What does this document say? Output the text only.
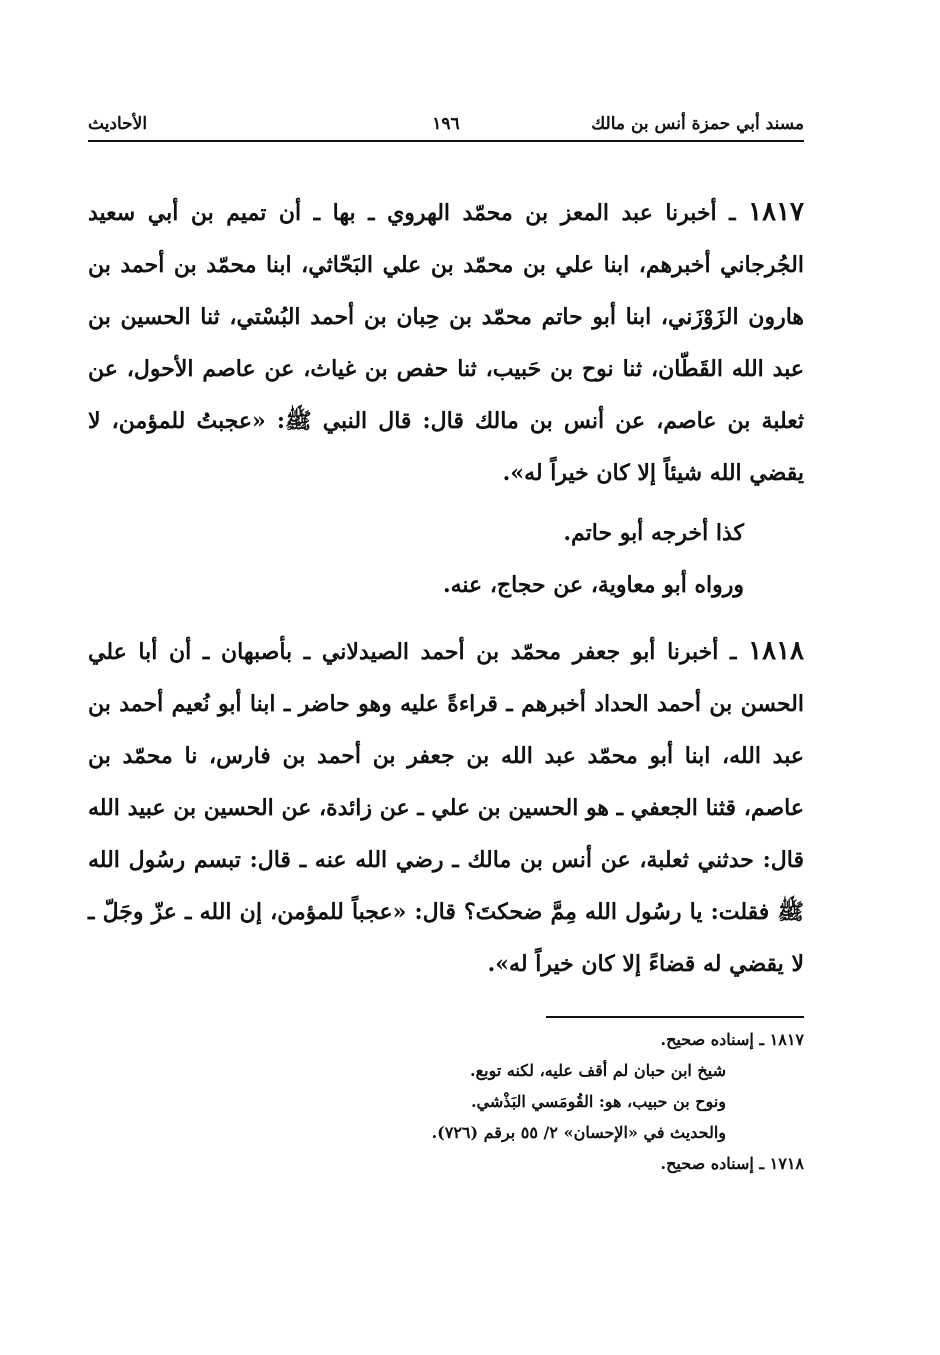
مسند أبي حمزة أنس بن مالك
١٩٦
الأحاديث

١٨١٧ ـ أخبرنا عبد المعز بن محمّد الهروي ـ بها ـ أن تميم بن أبي سعيد الجُرجاني أخبرهم، ابنا علي بن محمّد بن علي البَحّاثي، ابنا محمّد بن أحمد بن هارون الزَوْزَني، ابنا أبو حاتم محمّد بن حِبان بن أحمد البُسْتي، ثنا الحسين بن عبد الله القَطّان، ثنا نوح بن حَبيب، ثنا حفص بن غياث، عن عاصم الأحول، عن ثعلبة بن عاصم، عن أنس بن مالك قال: قال النبي ﷺ: «عجبتُ للمؤمن، لا يقضي الله شيئاً إلا كان خيراً له».

كذا أخرجه أبو حاتم.

ورواه أبو معاوية، عن حجاج، عنه.

١٨١٨ ـ أخبرنا أبو جعفر محمّد بن أحمد الصيدلاني ـ بأصبهان ـ أن أبا علي الحسن بن أحمد الحداد أخبرهم ـ قراءةً عليه وهو حاضر ـ ابنا أبو نُعيم أحمد بن عبد الله، ابنا أبو محمّد عبد الله بن جعفر بن أحمد بن فارس، نا محمّد بن عاصم، قثنا الجعفي ـ هو الحسين بن علي ـ عن زائدة، عن الحسين بن عبيد الله قال: حدثني ثعلبة، عن أنس بن مالك ـ رضي الله عنه ـ قال: تبسم رسُول الله ﷺ فقلت: يا رسُول الله مِمَّ ضحكتَ؟ قال: «عجباً للمؤمن، إن الله ـ عزّ وجَلّ ـ لا يقضي له قضاءً إلا كان خيراً له».

١٨١٧ ـ إسناده صحيح.

شيخ ابن حبان لم أقف عليه، لكنه توبع.

ونوح بن حبيب، هو: القُومَسي البَذْشي.

والحديث في «الإحسان» ٢/ ٥٥ برقم (٧٢٦).

١٧١٨ ـ إسناده صحيح.
